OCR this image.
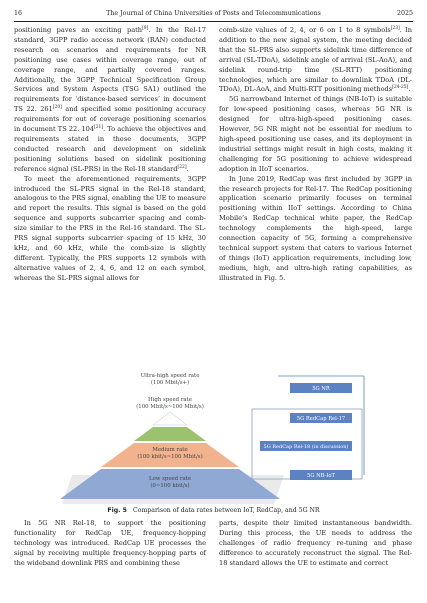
16	The Journal of China Universities of Posts and Telecommunications	2025

positioning paves an exciting path[9]. In the Rel-17 standard, 3GPP radio access network (RAN) conducted research on scenarios and requirements for NR positioning use cases within coverage range, out of coverage range, and partially covered ranges. Additionally, the 3GPP Technical Specification Group Services and System Aspects (TSG SA1) outlined the requirements for ‘distance-based services’ in document TS 22. 261[20] and specified some positioning accuracy requirements for out of coverage positioning scenarios in document TS 22. 104[21]. To achieve the objectives and requirements stated in these documents, 3GPP conducted research and development on sidelink positioning solutions based on sidelink positioning reference signal (SL-PRS) in the Rel-18 standard[22].

To meet the aforementioned requirements, 3GPP introduced the SL-PRS signal in the Rel-18 standard, analogous to the PRS signal, enabling the UE to measure and report the results. This signal is based on the gold sequence and supports subcarrier spacing and comb-size similar to the PRS in the Rel-16 standard. The SL-PRS signal supports subcarrier spacing of 15 kHz, 30 kHz, and 60 kHz, while the comb-size is slightly different. Typically, the PRS supports 12 symbols with alternative values of 2, 4, 6, and 12 on each symbol, whereas the SL-PRS signal allows for

comb-size values of 2, 4, or 6 on 1 to 8 symbols[23]. In addition to the new signal system, the meeting decided that the SL-PRS also supports sidelink time difference of arrival (SL-TDoA), sidelink angle of arrival (SL-AoA), and sidelink round-trip time (SL-RTT) positioning technologies, which are similar to downlink TDoA (DL-TDoA), DL-AoA, and Multi-RTT positioning methods[24-25].

5G narrowband Internet of things (NB-IoT) is suitable for low-speed positioning cases, whereas 5G NR is designed for ultra-high-speed positioning cases. However, 5G NR might not be essential for medium to high-speed positioning use cases, and its deployment in industrial settings might result in high costs, making it challenging for 5G positioning to achieve widespread adoption in IIoT scenarios.

In June 2019, RedCap was first included by 3GPP in the research projects for Rel-17. The RedCap positioning application scenario primarily focuses on terminal positioning within IIoT settings. According to China Mobile’s RedCap technical white paper, the RedCap technology complements the high-speed, large connection capacity of 5G, forming a comprehensive technical support system that caters to various Internet of things (IoT) application requirements, including low, medium, high, and ultra-high rating capabilities, as illustrated in Fig. 5.

Ultra-high speed rate
(100 Mbit/s+)
High speed rate
(100 Mbit/s~100 Mbit/s)
Medium rate
(100 kbit/s~100 Mbit/s)
Low speed rate
(0~100 kbit/s)
5G NR
5G RedCap Rel-17
5G RedCap Rel-18 (in discussion)
5G NB-IoT
Fig. 5 Comparison of data rates between IoT, RedCap, and 5G NR

In 5G NR Rel-18, to support the positioning functionality for RedCap UE, frequency-hopping technology was introduced. RedCap UE processes the signal by receiving multiple frequency-hopping parts of the wideband downlink PRS and combining these

parts, despite their limited instantaneous bandwidth. During this process, the UE needs to address the challenges of radio frequency re-tuning and phase difference to accurately reconstruct the signal. The Rel-18 standard allows the UE to estimate and correct
